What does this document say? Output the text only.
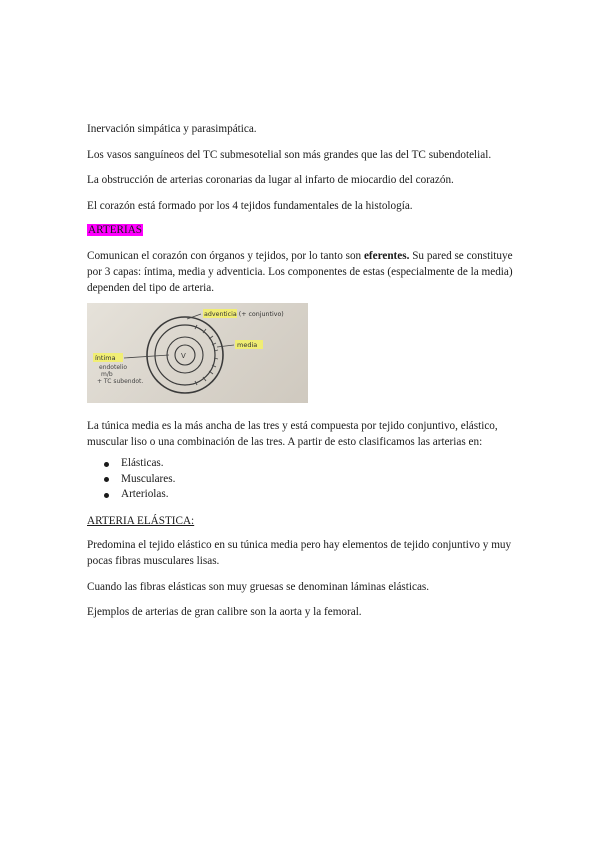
Inervación simpática y parasimpática.

Los vasos sanguíneos del TC submesotelial son más grandes que las del TC subendotelial.

La obstrucción de arterias coronarias da lugar al infarto de miocardio del corazón.

El corazón está formado por los 4 tejidos fundamentales de la histología.

ARTERIAS

Comunican el corazón con órganos y tejidos, por lo tanto son eferentes. Su pared se constituye por 3 capas: íntima, media y adventicia. Los componentes de estas (especialmente de la media) dependen del tipo de arteria.

V
adventicia (+ conjuntivo)
media
íntima
endotelio
m/b
+ TC subendot.

La túnica media es la más ancha de las tres y está compuesta por tejido conjuntivo, elástico, muscular liso o una combinación de las tres. A partir de esto clasificamos las arterias en:

Elásticas.
Musculares.
Arteriolas.

ARTERIA ELÁSTICA:

Predomina el tejido elástico en su túnica media pero hay elementos de tejido conjuntivo y muy pocas fibras musculares lisas.

Cuando las fibras elásticas son muy gruesas se denominan láminas elásticas.

Ejemplos de arterias de gran calibre son la aorta y la femoral.
